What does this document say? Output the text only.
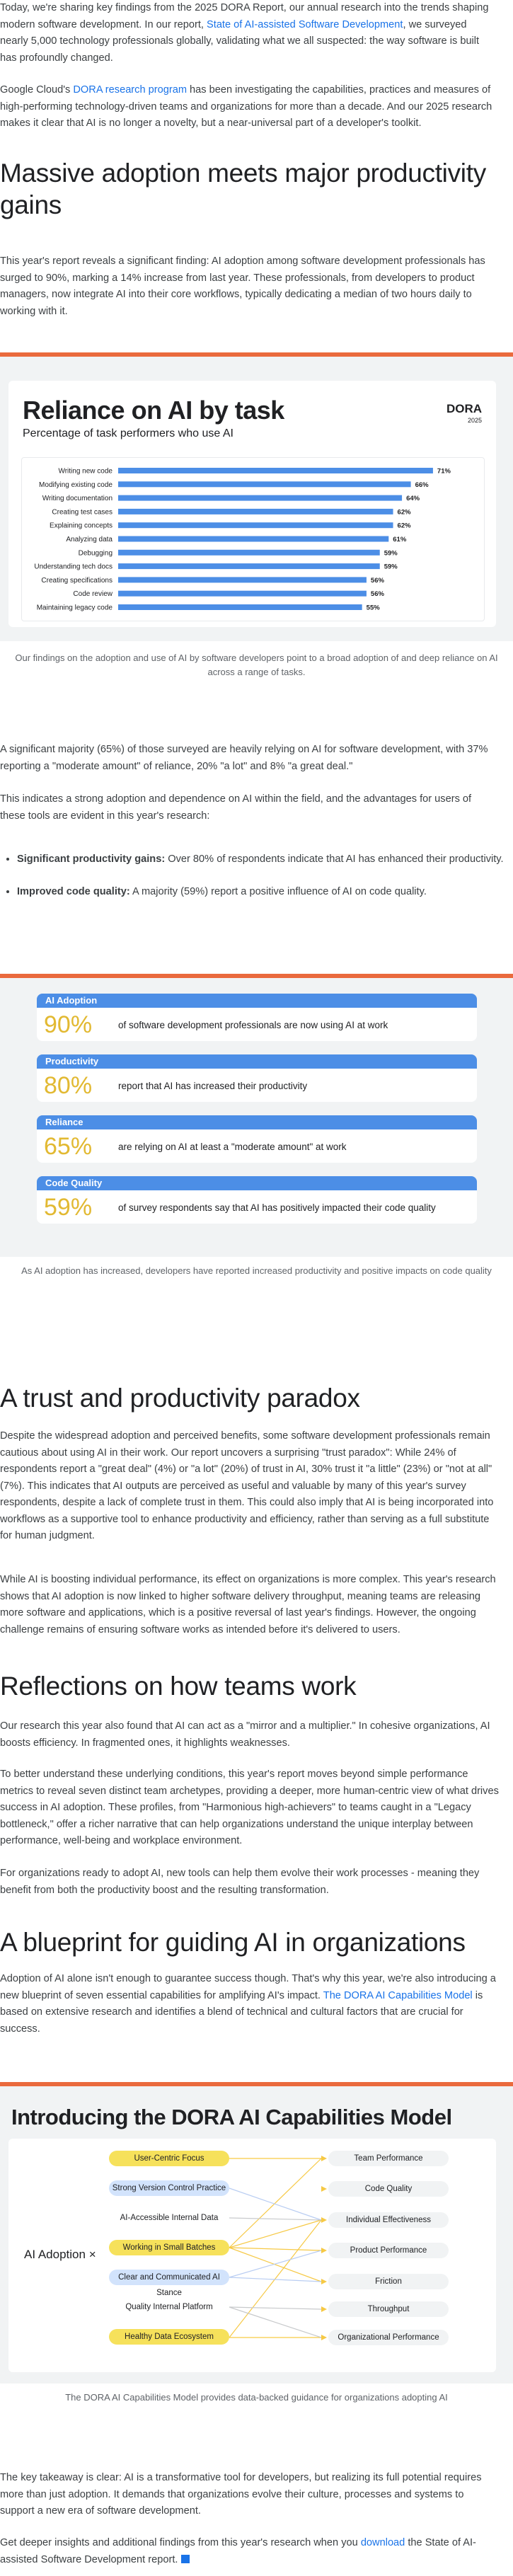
Today, we're sharing key findings from the 2025 DORA Report, our annual research into the trends shaping modern software development. In our report, State of AI-assisted Software Development, we surveyed nearly 5,000 technology professionals globally, validating what we all suspected: the way software is built has profoundly changed.

Google Cloud's DORA research program has been investigating the capabilities, practices and measures of high-performing technology-driven teams and organizations for more than a decade. And our 2025 research makes it clear that AI is no longer a novelty, but a near-universal part of a developer's toolkit.

Massive adoption meets major productivity gains

This year's report reveals a significant finding: AI adoption among software development professionals has surged to 90%, marking a 14% increase from last year. These professionals, from developers to product managers, now integrate AI into their core workflows, typically dedicating a median of two hours daily to working with it.

Reliance on AI by task
Percentage of task performers who use AI
DORA
2025
Writing new code	71%
Modifying existing code	66%
Writing documentation	64%
Creating test cases	62%
Explaining concepts	62%
Analyzing data	61%
Debugging	59%
Understanding tech docs	59%
Creating specifications	56%
Code review	56%
Maintaining legacy code	55%
Our findings on the adoption and use of AI by software developers point to a broad adoption of and deep reliance on AI across a range of tasks.

A significant majority (65%) of those surveyed are heavily relying on AI for software development, with 37% reporting a "moderate amount" of reliance, 20% "a lot" and 8% "a great deal."

This indicates a strong adoption and dependence on AI within the field, and the advantages for users of these tools are evident in this year's research:

• Significant productivity gains: Over 80% of respondents indicate that AI has enhanced their productivity.
• Improved code quality: A majority (59%) report a positive influence of AI on code quality.
AI Adoption
90%	of software development professionals are now using AI at work
Productivity
80%	report that AI has increased their productivity
Reliance
65%	are relying on AI at least a "moderate amount" at work
Code Quality
59%	of survey respondents say that AI has positively impacted their code quality
As AI adoption has increased, developers have reported increased productivity and positive impacts on code quality
A trust and productivity paradox

Despite the widespread adoption and perceived benefits, some software development professionals remain cautious about using AI in their work. Our report uncovers a surprising "trust paradox": While 24% of respondents report a "great deal" (4%) or "a lot" (20%) of trust in AI, 30% trust it "a little" (23%) or "not at all" (7%). This indicates that AI outputs are perceived as useful and valuable by many of this year's survey respondents, despite a lack of complete trust in them. This could also imply that AI is being incorporated into workflows as a supportive tool to enhance productivity and efficiency, rather than serving as a full substitute for human judgment.

While AI is boosting individual performance, its effect on organizations is more complex. This year's research shows that AI adoption is now linked to higher software delivery throughput, meaning teams are releasing more software and applications, which is a positive reversal of last year's findings. However, the ongoing challenge remains of ensuring software works as intended before it's delivered to users.

Reflections on how teams work

Our research this year also found that AI can act as a "mirror and a multiplier." In cohesive organizations, AI boosts efficiency. In fragmented ones, it highlights weaknesses.

To better understand these underlying conditions, this year's report moves beyond simple performance metrics to reveal seven distinct team archetypes, providing a deeper, more human-centric view of what drives success in AI adoption. These profiles, from "Harmonious high-achievers" to teams caught in a "Legacy bottleneck," offer a richer narrative that can help organizations understand the unique interplay between performance, well-being and workplace environment.

For organizations ready to adopt AI, new tools can help them evolve their work processes - meaning they benefit from both the productivity boost and the resulting transformation.

A blueprint for guiding AI in organizations

Adoption of AI alone isn't enough to guarantee success though. That's why this year, we're also introducing a new blueprint of seven essential capabilities for amplifying AI's impact. The DORA AI Capabilities Model is based on extensive research and identifies a blend of technical and cultural factors that are crucial for success.

Introducing the DORA AI Capabilities Model
AI Adoption ×
User-Centric Focus
Strong Version Control Practice
AI-Accessible Internal Data
Working in Small Batches
Clear and Communicated AI Stance
Quality Internal Platform
Healthy Data Ecosystem
Team Performance
Code Quality
Individual Effectiveness
Product Performance
Friction
Throughput
Organizational Performance
The DORA AI Capabilities Model provides data-backed guidance for organizations adopting AI

The key takeaway is clear: AI is a transformative tool for developers, but realizing its full potential requires more than just adoption. It demands that organizations evolve their culture, processes and systems to support a new era of software development.

Get deeper insights and additional findings from this year's research when you download the State of AI-assisted Software Development report.
